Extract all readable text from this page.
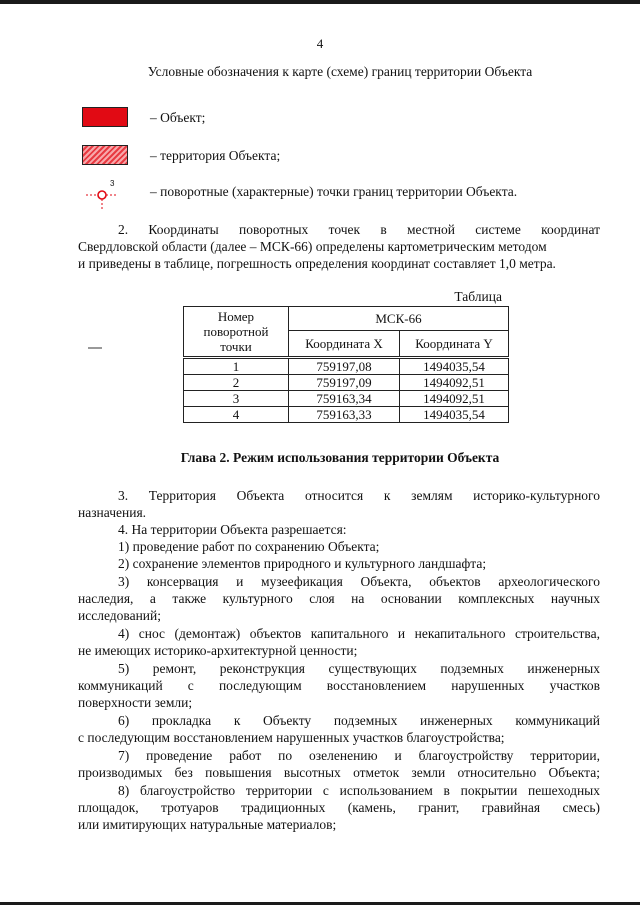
4
Условные обозначения к карте (схеме) границ территории Объекта
– Объект;
– территория Объекта;
3
– поворотные (характерные) точки границ территории Объекта.
2. Координаты поворотных точек в местной системе координат
Свердловской области (далее – МСК-66) определены картометрическим методом
и приведены в таблице, погрешность определения координат составляет 1,0 метра.
Таблица
Номер
поворотной
точки	МСК-66	
	Координата X	Координата Y
1	759197,08	1494035,54
2	759197,09	1494092,51
3	759163,34	1494092,51
4	759163,33	1494035,54
Глава 2. Режим использования территории Объекта
3. Территория Объекта относится к землям историко-культурного
назначения.
4. На территории Объекта разрешается:
1) проведение работ по сохранению Объекта;
2) сохранение элементов природного и культурного ландшафта;
3) консервация и музеефикация Объекта, объектов археологического
наследия, а также культурного слоя на основании комплексных научных
исследований;
4) снос (демонтаж) объектов капитального и некапитального строительства,
не имеющих историко-архитектурной ценности;
5) ремонт, реконструкция существующих подземных инженерных
коммуникаций с последующим восстановлением нарушенных участков
поверхности земли;
6) прокладка к Объекту подземных инженерных коммуникаций
с последующим восстановлением нарушенных участков благоустройства;
7) проведение работ по озеленению и благоустройству территории,
производимых без повышения высотных отметок земли относительно Объекта;
8) благоустройство территории с использованием в покрытии пешеходных
площадок, тротуаров традиционных (камень, гранит, гравийная смесь)
или имитирующих натуральные материалов;
